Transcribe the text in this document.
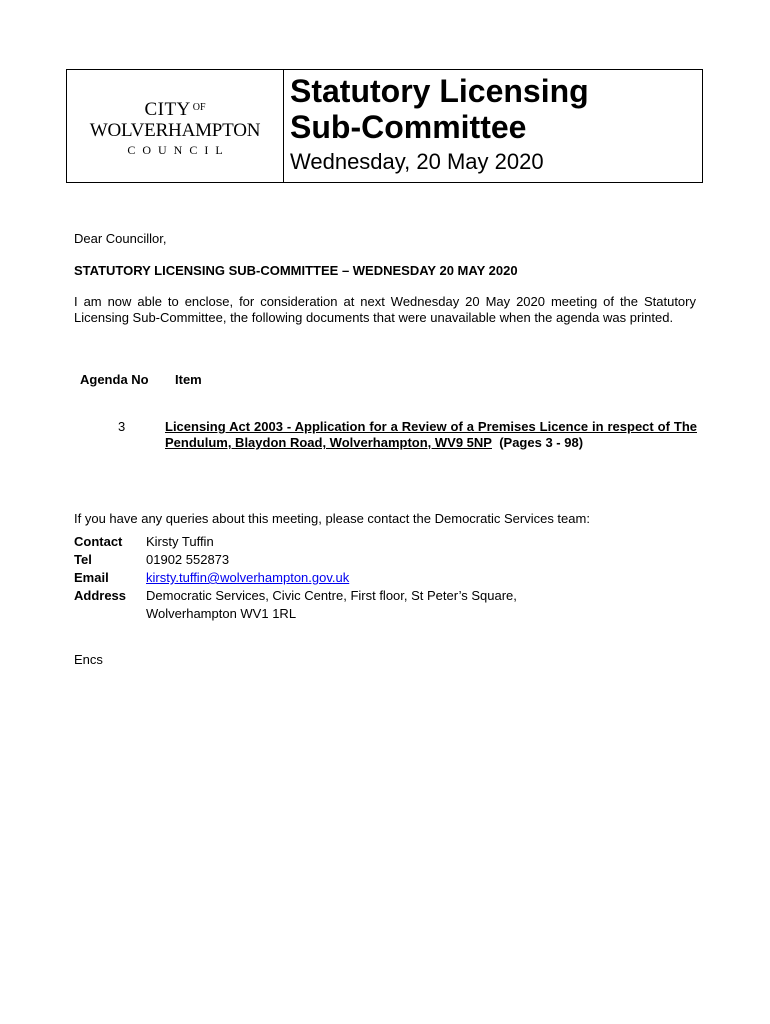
CITY $^{OF}$
WOLVERHAMPTON
COUNCIL
Statutory Licensing
Sub-Committee
Wednesday, 20 May 2020
Dear Councillor,
STATUTORY LICENSING SUB-COMMITTEE – WEDNESDAY 20 MAY 2020
I am now able to enclose, for consideration at next Wednesday 20 May 2020 meeting of the Statutory Licensing Sub-Committee, the following documents that were unavailable when the agenda was printed.
Agenda No Item
3	Licensing Act 2003 - Application for a Review of a Premises Licence in respect of The Pendulum, Blaydon Road, Wolverhampton, WV9 5NP (Pages 3 - 98)
If you have any queries about this meeting, please contact the Democratic Services team:
Contact	Kirsty Tuffin
Tel	01902 552873
Email	kirsty.tuffin@wolverhampton.gov.uk
Address	Democratic Services, Civic Centre, First floor, St Peter’s Square,
Wolverhampton WV1 1RL
Encs
